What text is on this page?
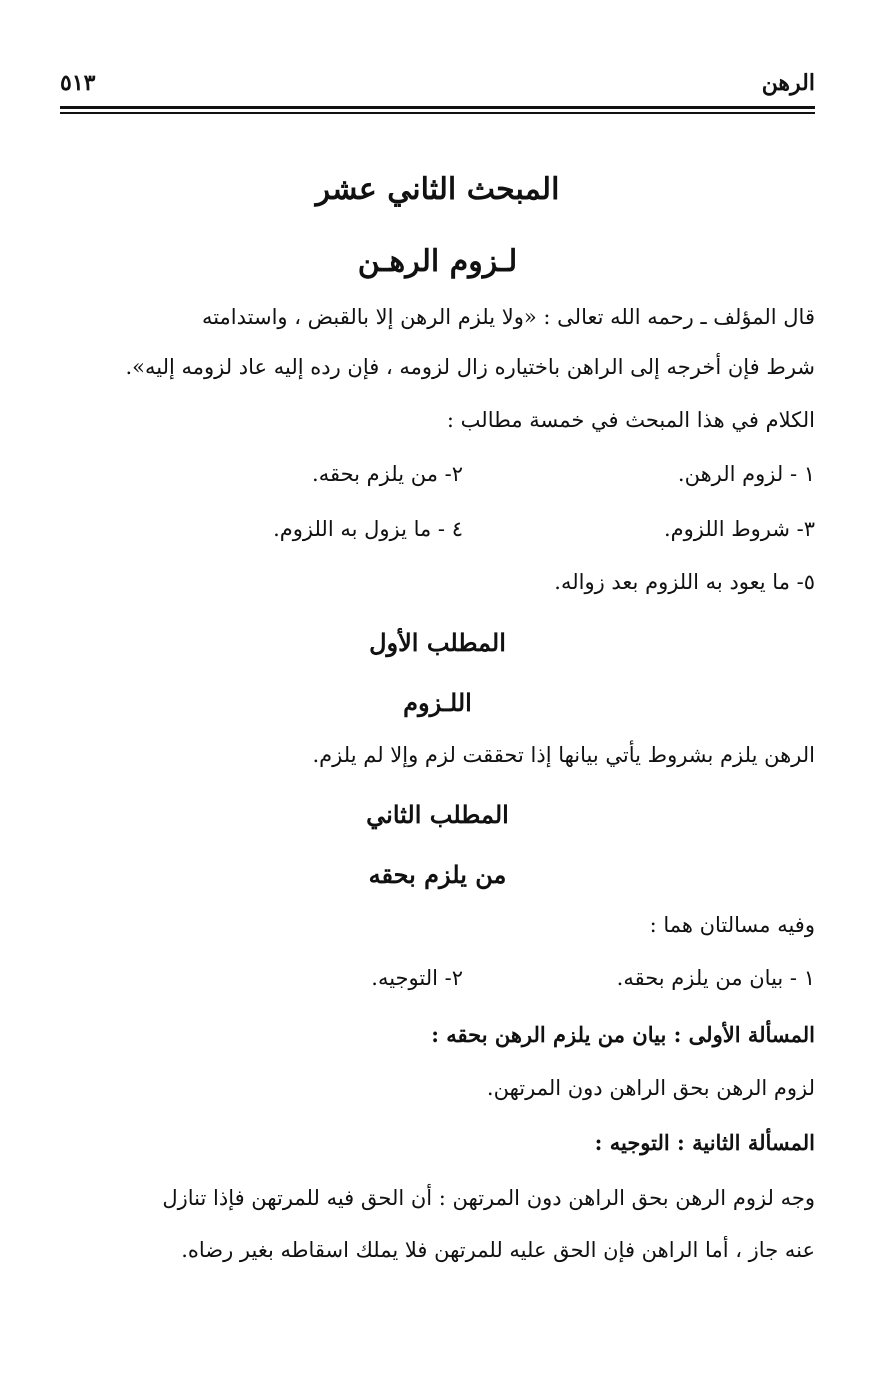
الرهن
٥١٣
المبحث الثاني عشر
لـزوم الرهـن
قال المؤلف ـ رحمه الله تعالى : «ولا يلزم الرهن إلا بالقبض ، واستدامته
شرط فإن أخرجه إلى الراهن باختياره زال لزومه ، فإن رده إليه عاد لزومه إليه».
الكلام في هذا المبحث في خمسة مطالب :
١ - لزوم الرهن.
٢- من يلزم بحقه.
٣- شروط اللزوم.
٤ - ما يزول به اللزوم.
٥- ما يعود به اللزوم بعد زواله.
المطلب الأول
اللـزوم
الرهن يلزم بشروط يأتي بيانها إذا تحققت لزم وإلا لم يلزم.
المطلب الثاني
من يلزم بحقه
وفيه مسالتان هما :
١ - بيان من يلزم بحقه.
٢- التوجيه.
المسألة الأولى : بيان من يلزم الرهن بحقه :
لزوم الرهن بحق الراهن دون المرتهن.
المسألة الثانية : التوجيه :
وجه لزوم الرهن بحق الراهن دون المرتهن : أن الحق فيه للمرتهن فإذا تنازل
عنه جاز ، أما الراهن فإن الحق عليه للمرتهن فلا يملك اسقاطه بغير رضاه.
